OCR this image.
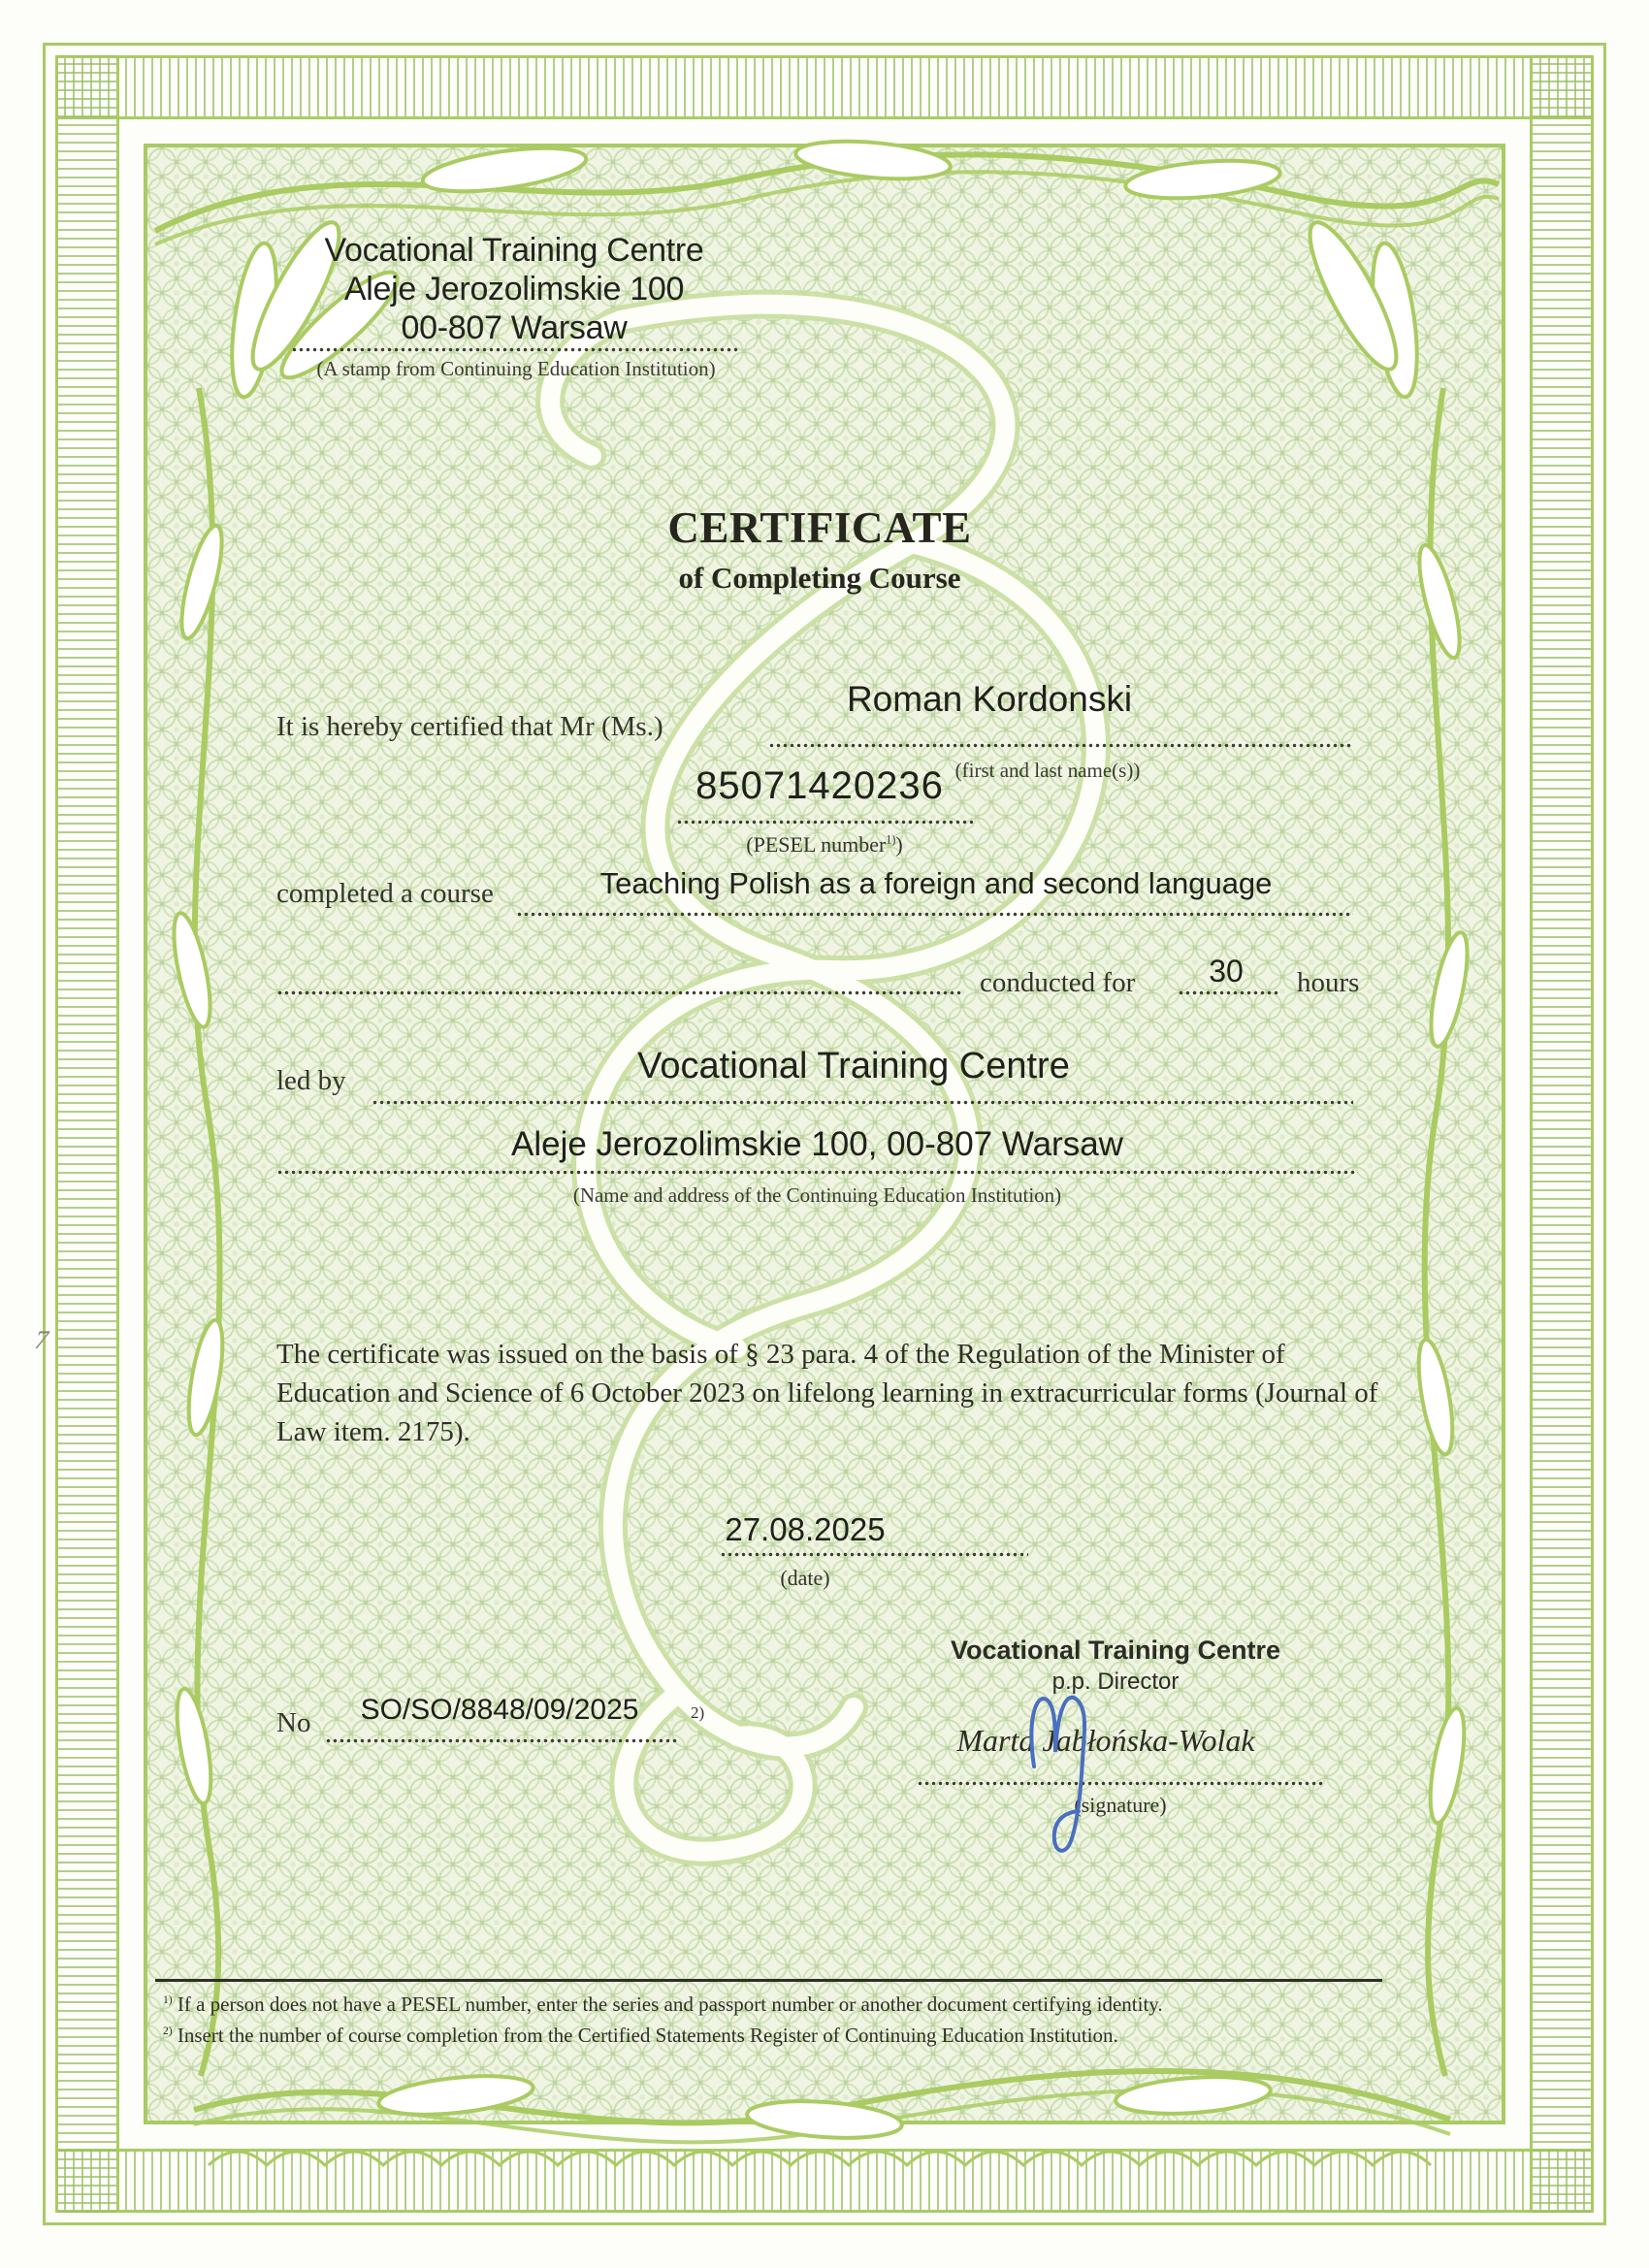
Vocational Training Centre
Aleje Jerozolimskie 100
00-807 Warsaw
(A stamp from Continuing Education Institution)
CERTIFICATE
of Completing Course
It is hereby certified that Mr (Ms.)
Roman Kordonski
(first and last name(s))
85071420236
(PESEL number$^{1)}$)
completed a course	Teaching Polish as a foreign and second language
conducted for	30	hours
led by	Vocational Training Centre
Aleje Jerozolimskie 100, 00-807 Warsaw
(Name and address of the Continuing Education Institution)
The certificate was issued on the basis of § 23 para. 4 of the Regulation of the Minister of Education and Science of 6 October 2023 on lifelong learning in extracurricular forms (Journal of Law item. 2175).
27.08.2025
(date)
Vocational Training Centre
p.p. Director
Marta Jabłońska-Wolak
(signature)
No	SO/SO/8848/09/2025	2)
$^{1)}$ If a person does not have a PESEL number, enter the series and passport number or another document certifying identity.
$^{2)}$ Insert the number of course completion from the Certified Statements Register of Continuing Education Institution.
7
